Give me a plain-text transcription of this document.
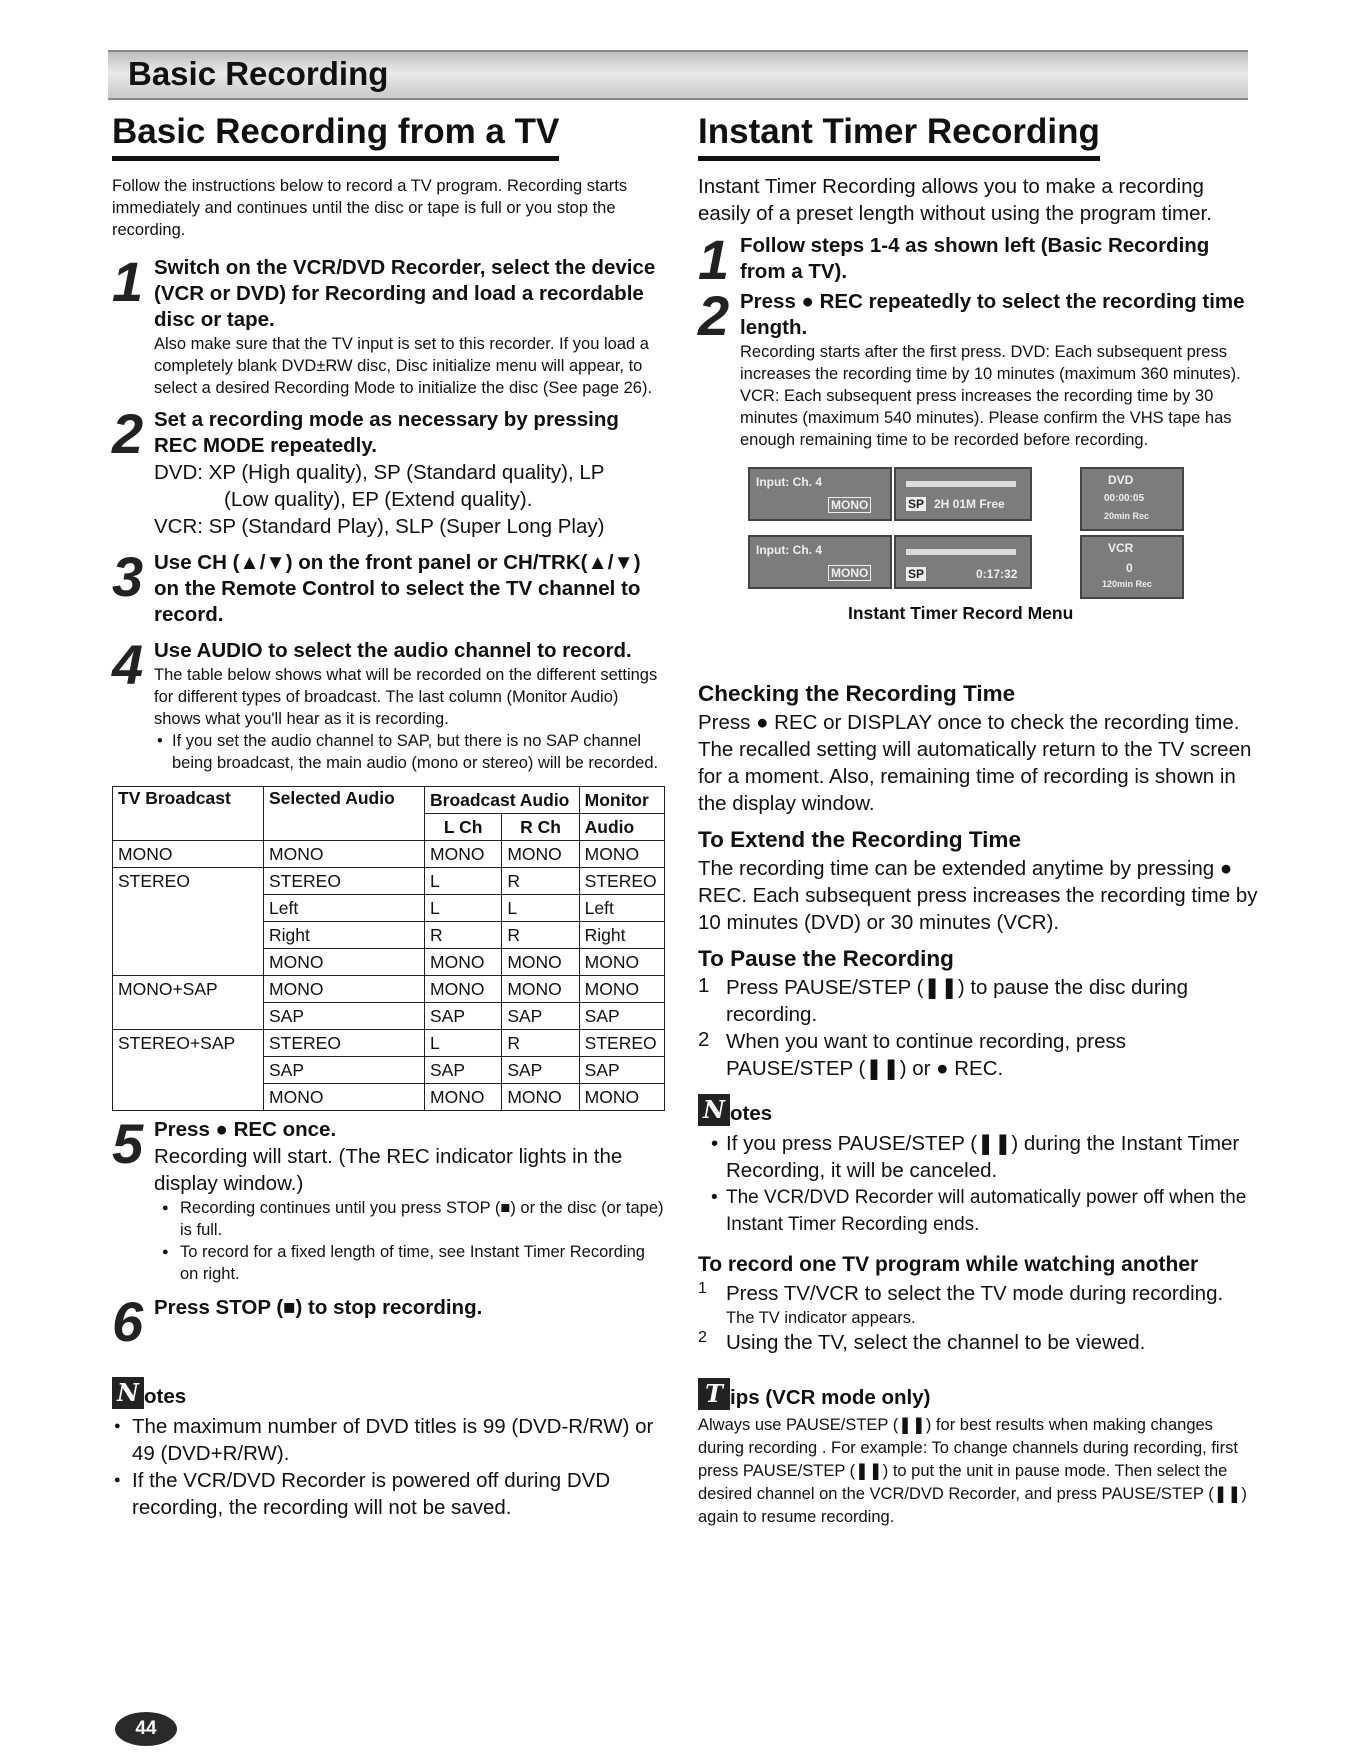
Basic Recording
Basic Recording from a TV

Follow the instructions below to record a TV program. Recording starts immediately and continues until the disc or tape is full or you stop the recording.

1 Switch on the VCR/DVD Recorder, select the device (VCR or DVD) for Recording and load a recordable disc or tape.

Also make sure that the TV input is set to this recorder. If you load a completely blank DVD±RW disc, Disc initialize menu will appear, to select a desired Recording Mode to initialize the disc (See page 26).

2 Set a recording mode as necessary by pressing REC MODE repeatedly.

DVD: XP (High quality), SP (Standard quality), LP

(Low quality), EP (Extend quality).

VCR: SP (Standard Play), SLP (Super Long Play)

3 Use CH (▲/▼) on the front panel or CH/TRK(▲/▼) on the Remote Control to select the TV channel to record.
4 Use AUDIO to select the audio channel to record.

The table below shows what will be recorded on the different settings for different types of broadcast. The last column (Monitor Audio) shows what you'll hear as it is recording.

• If you set the audio channel to SAP, but there is no SAP channel being broadcast, the main audio (mono or stereo) will be recorded.

TV Broadcast	Selected Audio	Broadcast Audio		Monitor
		L Ch	R Ch	Audio
MONO	MONO	MONO	MONO	MONO
STEREO	STEREO	L	R	STEREO
	Left	L	L	Left
	Right	R	R	Right
	MONO	MONO	MONO	MONO
MONO+SAP	MONO	MONO	MONO	MONO
	SAP	SAP	SAP	SAP
STEREO+SAP	STEREO	L	R	STEREO
	SAP	SAP	SAP	SAP
	MONO	MONO	MONO	MONO
5 Press ● REC once.

Recording will start. (The REC indicator lights in the display window.)

● Recording continues until you press STOP (■) or the disc (or tape) is full.

● To record for a fixed length of time, see Instant Timer Recording on right.

6 Press STOP (■) to stop recording.
N otes

● The maximum number of DVD titles is 99 (DVD-R/RW) or 49 (DVD+R/RW).

● If the VCR/DVD Recorder is powered off during DVD recording, the recording will not be saved.

Instant Timer Recording

Instant Timer Recording allows you to make a recording easily of a preset length without using the program timer.

1 Follow steps 1-4 as shown left (Basic Recording from a TV).
2 Press ● REC repeatedly to select the recording time length.

Recording starts after the first press. DVD: Each subsequent press increases the recording time by 10 minutes (maximum 360 minutes). VCR: Each subsequent press increases the recording time by 30 minutes (maximum 540 minutes). Please confirm the VHS tape has enough remaining time to be recorded before recording.

Input: Ch. 4
MONO	SP 2H 01M Free
Input: Ch. 4
MONO	SP	0:17:32
DVD
00:00:05
20min Rec
VCR
0
120min Rec
Instant Timer Record Menu
Checking the Recording Time

Press ● REC or DISPLAY once to check the recording time. The recalled setting will automatically return to the TV screen for a moment. Also, remaining time of recording is shown in the display window.

To Extend the Recording Time

The recording time can be extended anytime by pressing ● REC. Each subsequent press increases the recording time by 10 minutes (DVD) or 30 minutes (VCR).

To Pause the Recording
1 Press PAUSE/STEP (❚❚) to pause the disc during recording.

2 When you want to continue recording, press PAUSE/STEP (❚❚) or ● REC.

N otes

• If you press PAUSE/STEP (❚❚) during the Instant Timer Recording, it will be canceled.

• The VCR/DVD Recorder will automatically power off when the Instant Timer Recording ends.

To record one TV program while watching another
1 Press TV/VCR to select the TV mode during recording.

The TV indicator appears.

2 Using the TV, select the channel to be viewed.

T ips (VCR mode only)

Always use PAUSE/STEP (❚❚) for best results when making changes during recording . For example: To change channels during recording, first press PAUSE/STEP (❚❚) to put the unit in pause mode. Then select the desired channel on the VCR/DVD Recorder, and press PAUSE/STEP (❚❚) again to resume recording.

44
